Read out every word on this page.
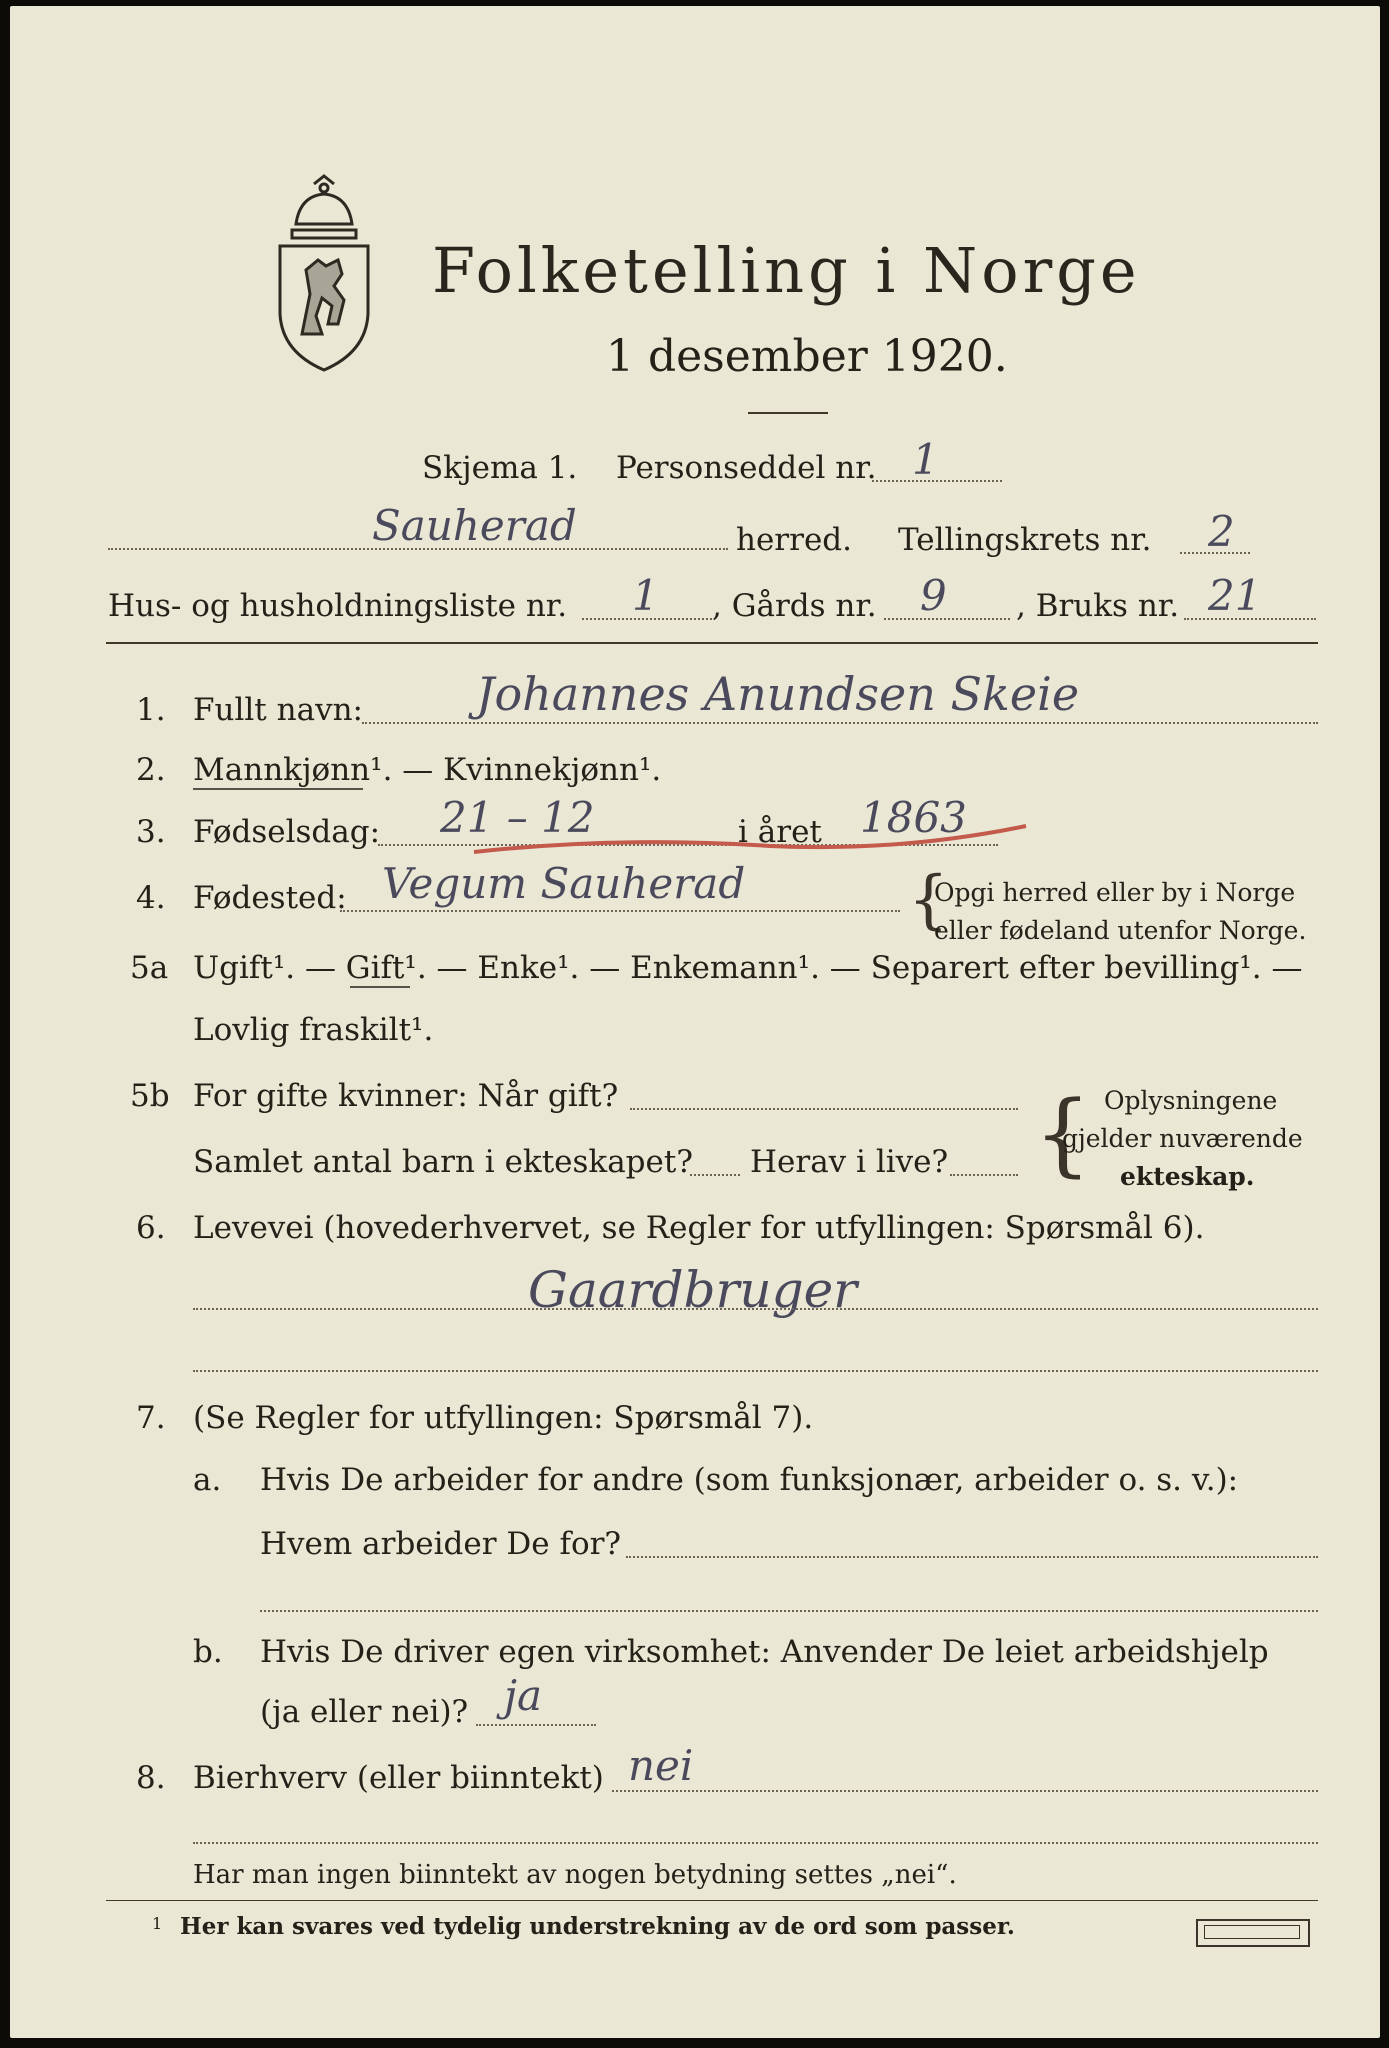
Folketelling i Norge
1 desember 1920.
Skjema 1. Personseddel nr. 1
Sauherad	herred. Tellingskrets nr. 2
Hus- og husholdningsliste nr. 1 , Gårds nr. 9 , Bruks nr. 21
1. Fullt navn: Johannes Anundsen Skeie
2. Mannkjønn¹. — Kvinnekjønn¹.
3. Fødselsdag: 21 – 12	i året 1863
4. Fødested: Vegum Sauherad	{
Opgi herred eller by i Norge
eller fødeland utenfor Norge.
5a Ugift¹. — Gift¹. — Enke¹. — Enkemann¹. — Separert efter bevilling¹. —
Lovlig fraskilt¹.
5b For gifte kvinner: Når gift?
Samlet antal barn i ekteskapet? Herav i live? { Oplysningene
gjelder nuværende
ekteskap.
6. Levevei (hovederhvervet, se Regler for utfyllingen: Spørsmål 6).
Gaardbruger
7. (Se Regler for utfyllingen: Spørsmål 7).
a. Hvis De arbeider for andre (som funksjonær, arbeider o. s. v.):
Hvem arbeider De for?
b. Hvis De driver egen virksomhet: Anvender De leiet arbeidshjelp
(ja eller nei)? ja
8. Bierhverv (eller biinntekt) nei
Har man ingen biinntekt av nogen betydning settes „nei“.
1 Her kan svares ved tydelig understrekning av de ord som passer.
